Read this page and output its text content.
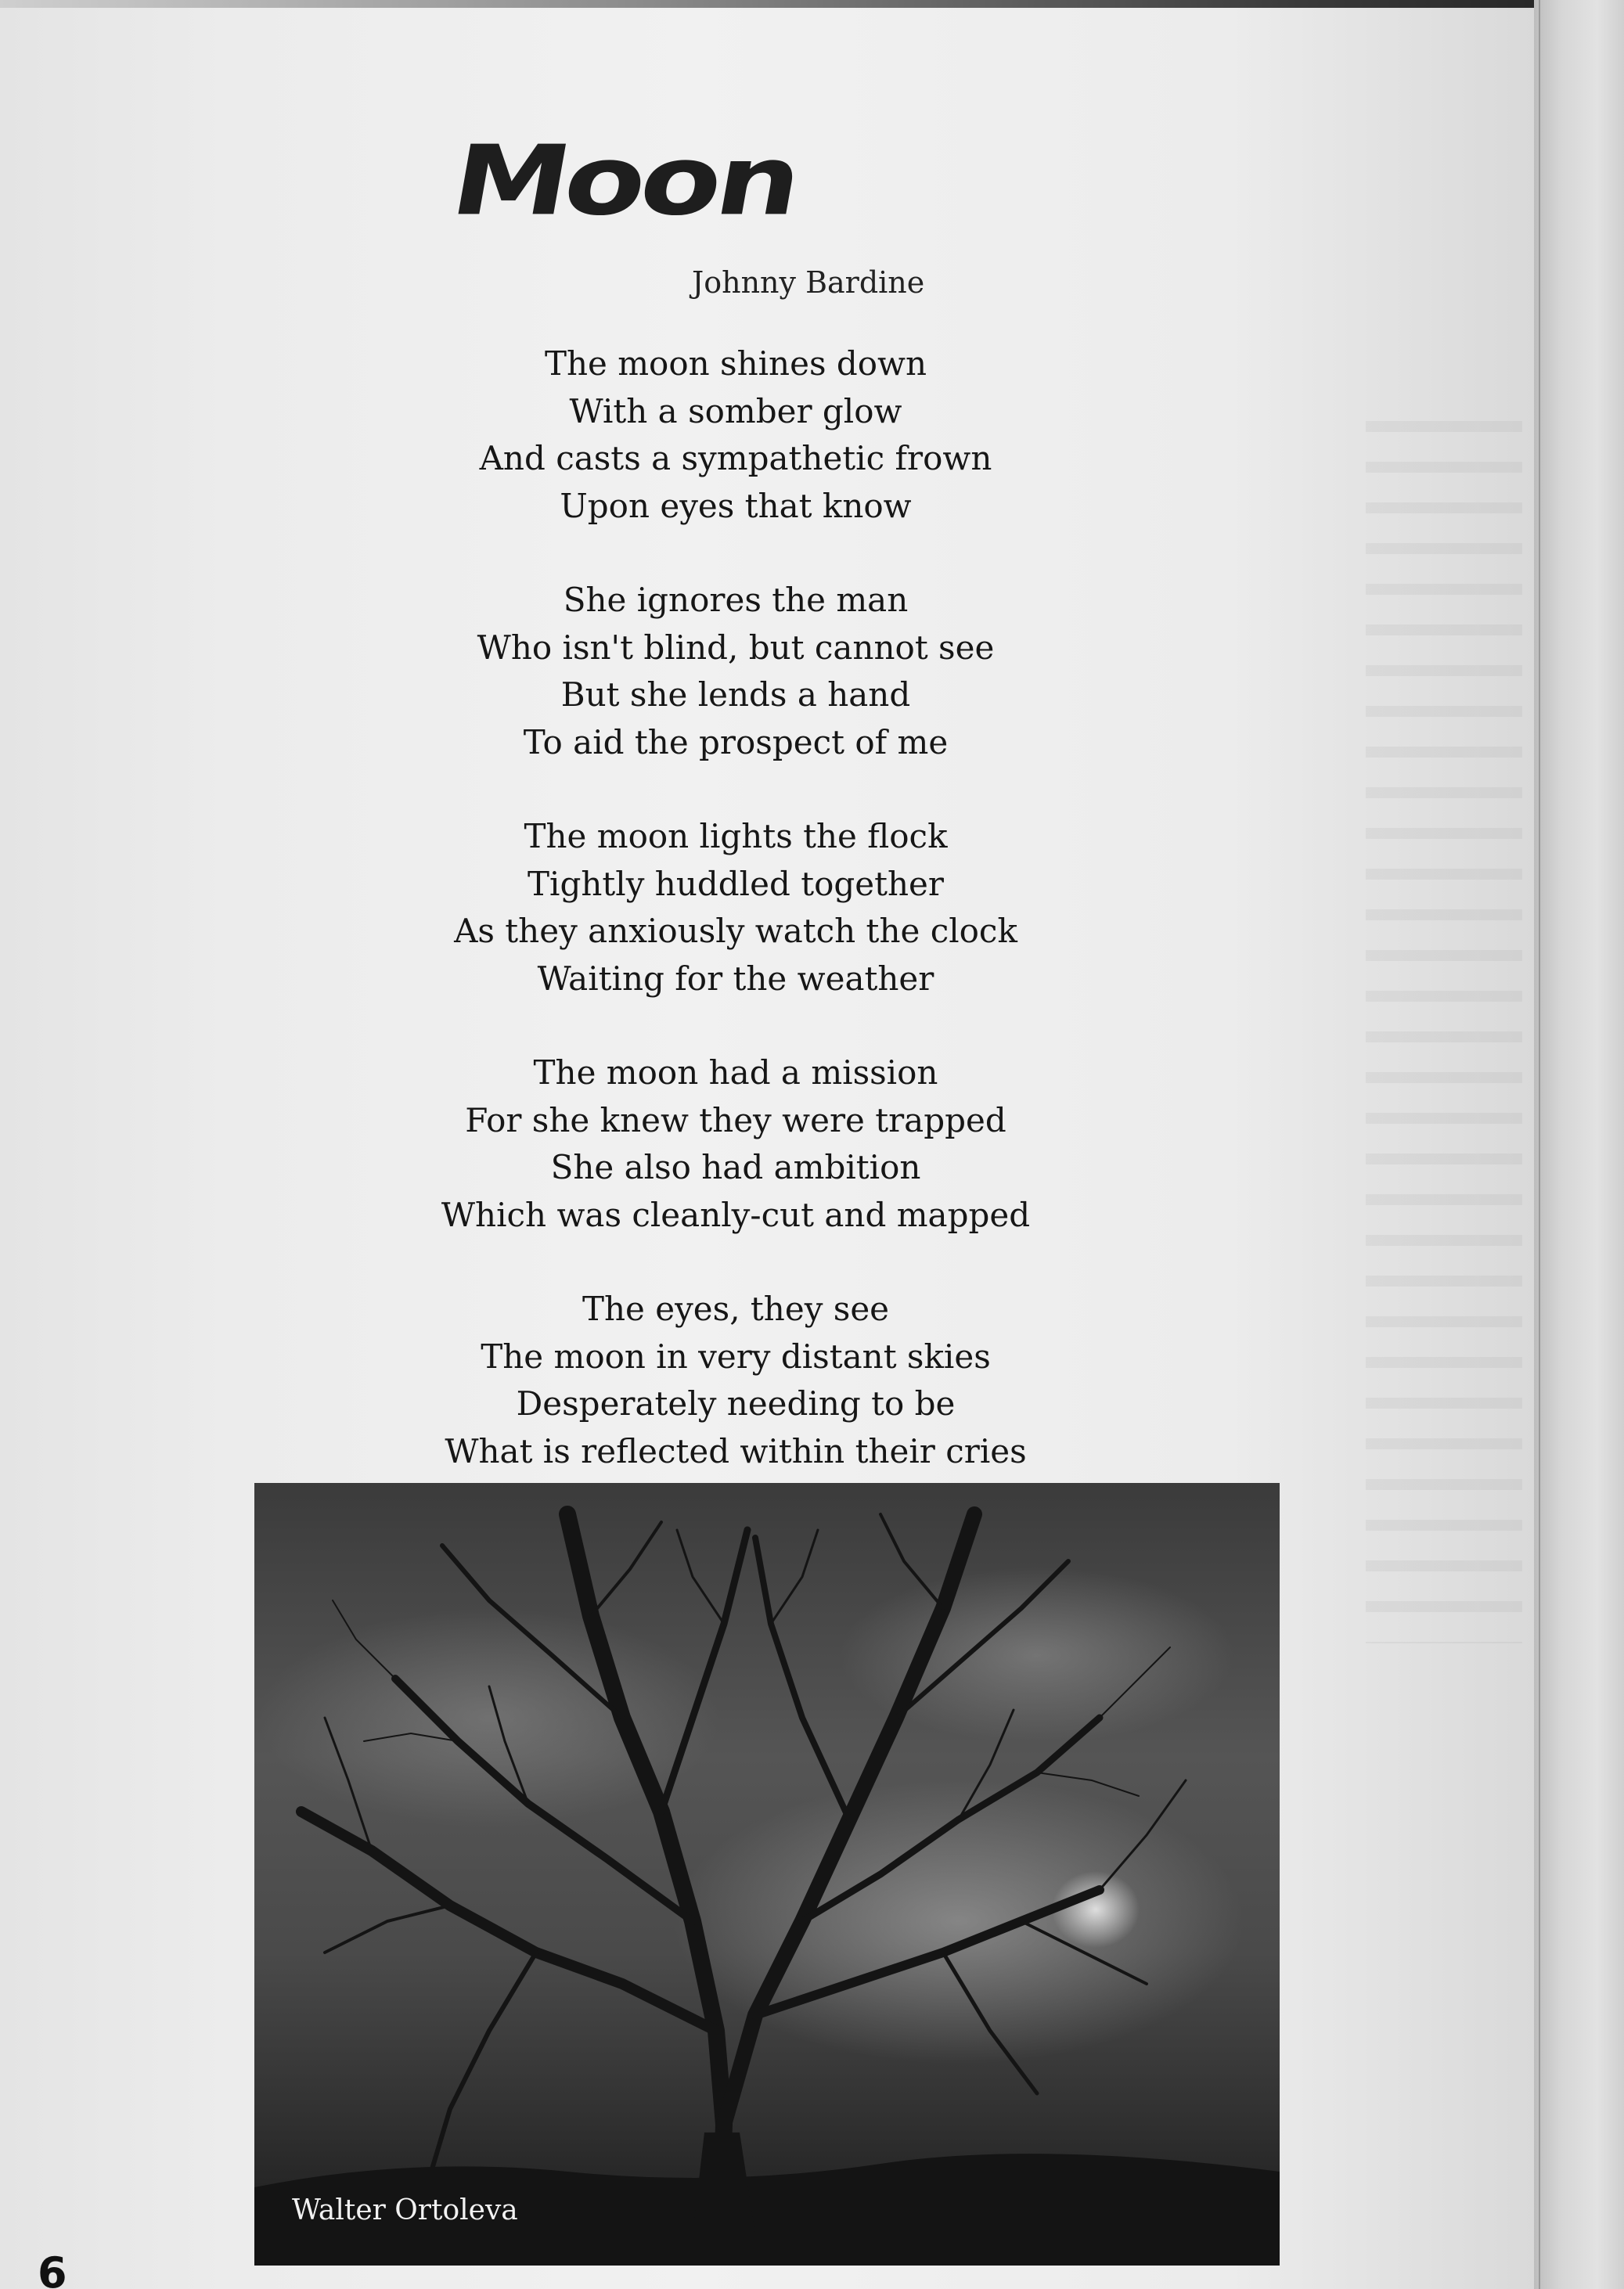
Moon
Johnny Bardine
The moon shines down
With a somber glow
And casts a sympathetic frown
Upon eyes that know
She ignores the man
Who isn't blind, but cannot see
But she lends a hand
To aid the prospect of me
The moon lights the flock
Tightly huddled together
As they anxiously watch the clock
Waiting for the weather
The moon had a mission
For she knew they were trapped
She also had ambition
Which was cleanly-cut and mapped
The eyes, they see
The moon in very distant skies
Desperately needing to be
What is reflected within their cries
Walter Ortoleva
6
